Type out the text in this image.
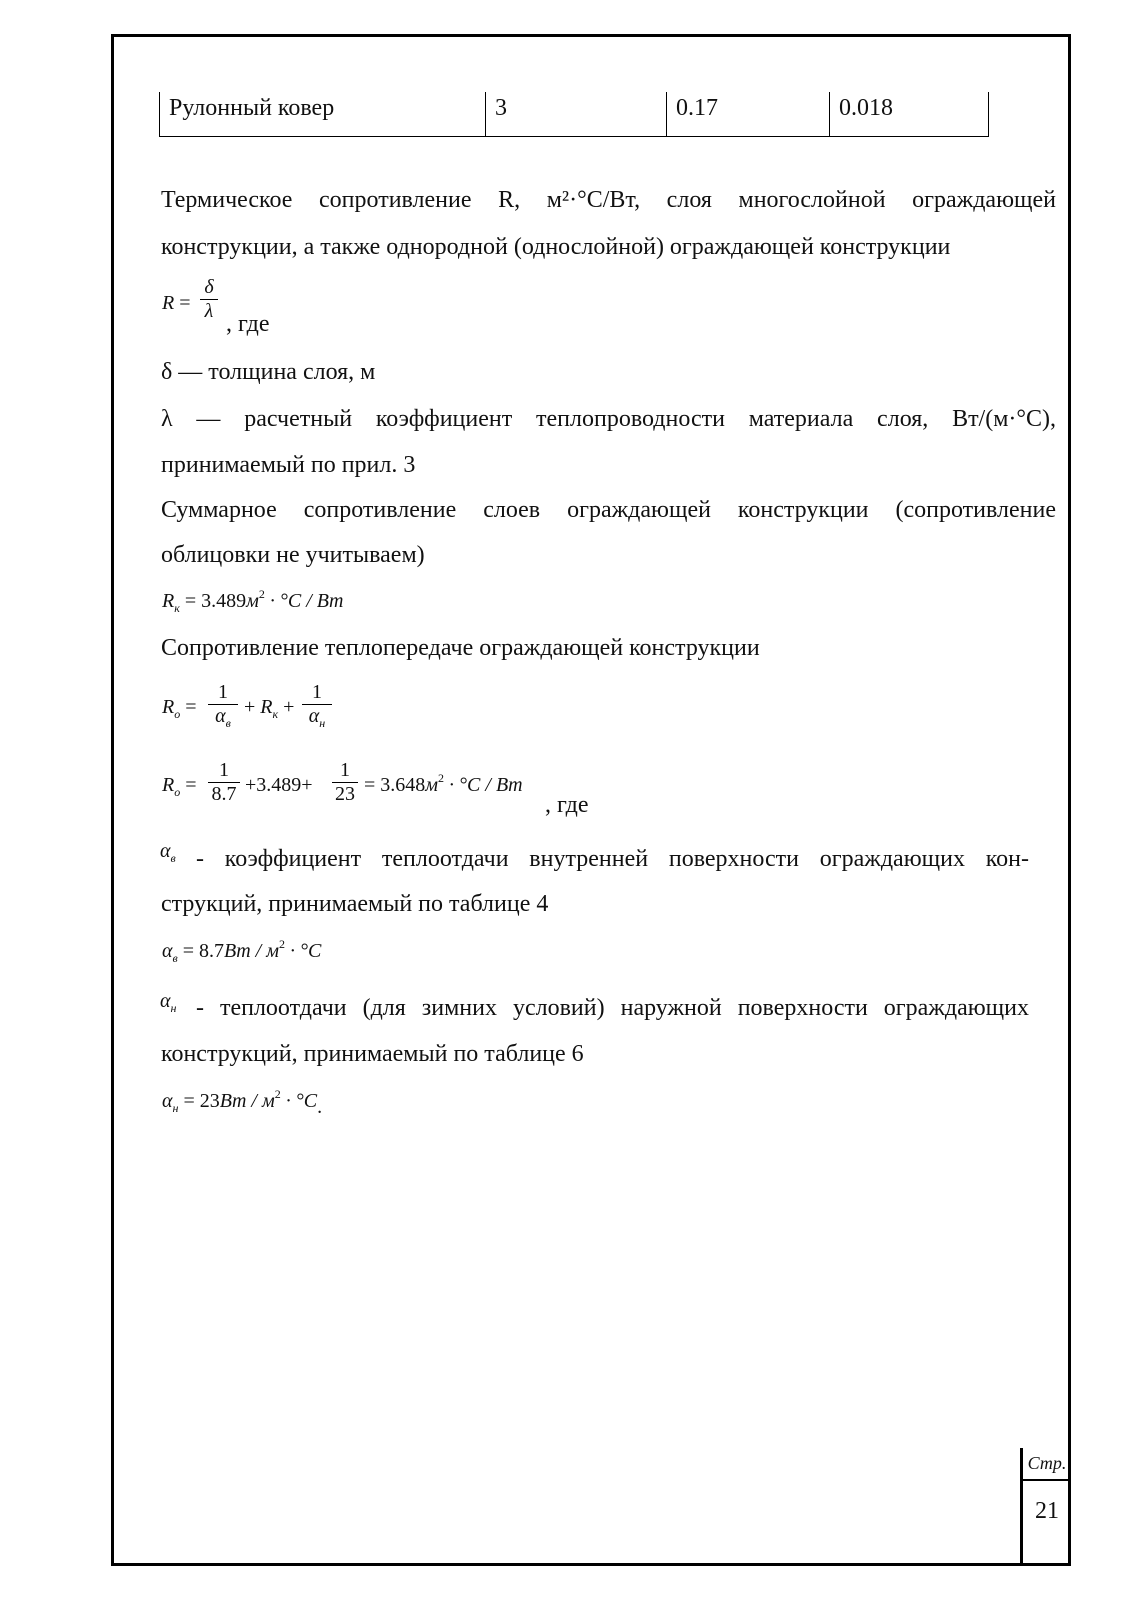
Рулонный ковер	3	0.17	0.018
Термическое сопротивление R, м²·°С/Вт, слоя многослойной ограждающей
конструкции, а также однородной (однослойной) ограждающей конструкции
R =
δ
λ , где
δ — толщина слоя, м
λ — расчетный коэффициент теплопроводности материала слоя, Вт/(м·°С),
принимаемый по прил. 3
Суммарное сопротивление слоев ограждающей конструкции (сопротивление
облицовки не учитываем)
$R_к = 3.489м^2 \cdot ^\circ C / Bm$
Сопротивление теплопередаче ограждающей конструкции
$R_о$ =
1
$\alpha_в$
+ $R_к$ +
1
$\alpha_н$
$R_о$ =
1
8.7 +3.489+
1
$23 = 3.648м^2 \cdot ^\circ C / Bm$
, где
$\alpha_в$ - коэффициент теплоотдачи внутренней поверхности ограждающих кон-
струкций, принимаемый по таблице 4
$\alpha_в = 8.7Bm / м^2 \cdot ^\circ C$
$\alpha_н$ - теплоотдачи (для зимних условий) наружной поверхности ограждающих
конструкций, принимаемый по таблице 6
$\alpha_н = 23Bm / м^2 \cdot ^\circ C$.
Стр.
21
